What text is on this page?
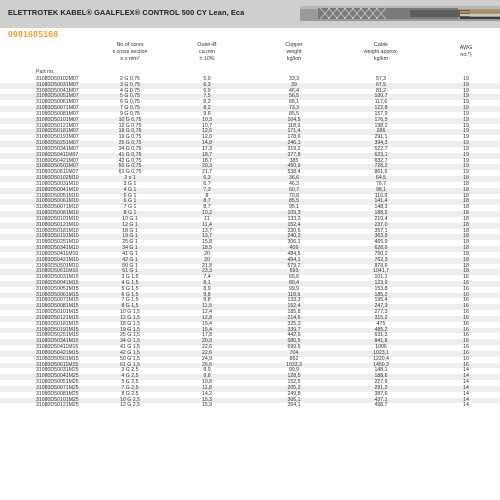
ELETTROTEK KABEL® GAALFLEX® CONTROL 500 CY Lean, Eca
0981685168
Part no.
No.of cores
x cross section
n x mm²
Outer-Ø
ca.mm
± 10%
Copper
weight
kg/km
Cable
weight approx.
kg/km
AWG
no.*)
31080D50102M07	2 G 0,75	5,9	33,3	57,3	19
31080D50031M07	3 G 0,75	6,3	39	67,5	19
31080D50041M07	4 G 0,75	6,9	46,4	81,2	19
31080D50051M07	5 G 0,75	7,5	56,5	100,7	19
31080D50061M07	6 G 0,75	8,2	66,1	117,6	19
31080D50071M07	7 G 0,75	8,2	73,3	122,8	19
31080D50081M07	9 G 0,75	9,6	85,5	157,9	19
31080D50101M07	10 G 0,75	10,3	104,5	176,5	19
31080D50121M07	12 G 0,75	10,7	118,9	198,2	19
31080D50181M07	18 G 0,75	12,6	171,4	286	19
31080D50191M07	19 G 0,75	12,6	178,6	291,1	19
31080D50251M07	25 G 0,75	14,8	246,1	394,3	19
31080D50341M07	34 G 0,75	17,3	319,2	522,7	19
31080D50411M07	41 G 0,75	18,7	377,8	623,1	19
31080D50421M07	42 G 0,75	18,7	385	632,7	19
31080D50501M07	50 G 0,75	20,3	450,9	728,2	19
31080D50611M07	61 G 0,75	21,7	538,4	861,6	19
31080D50102M10	2 x 1	6,3	36,6	64,5	18
31080D50031M10	3 G 1	6,7	46,3	76,7	18
31080D50041M10	4 G 1	7,3	60,7	98,1	18
31080D50051M10	5 G 1	8	70,8	116,9	18
31080D50061M10	6 G 1	8,7	85,5	141,4	18
31080D50071M10	7 G 1	8,7	95,1	148,3	18
31080D50081M10	8 G 1	10,2	109,3	188,5	18
31080D50101M10	10 G 1	11	133,2	210,4	18
31080D50121M10	12 G 1	11,4	152,4	237,0	18
31080D50181M10	18 G 1	13,7	230,6	357,1	18
31080D50191M10	19 G 1	13,7	240,2	363,9	18
31080D50251M10	25 G 1	15,8	306,1	465,9	18
31080D50341M10	34 G 1	18,5	409	628,6	18
31080D50411M10	41 G 1	20	484,5	750,2	18
31080D50421M10	42 G 1	20	494,1	762,3	18
31080D50501M10	50 G 1	21,8	579,2	878,6	18
31080D50611M10	61 G 1	23,3	693	1041,7	18
31080D50031M15	3 G 1,5	7,4	65,6	101,1	16
31080D50041M15	4 G 1,5	8,1	80,4	123,9	16
31080D50051M15	5 G 1,5	8,9	99,9	153,8	16
31080D50061M15	6 G 1,5	9,8	118,9	185,2	16
31080D50071M15	7 G 1,5	9,8	133,3	195,4	16
31080D50081M15	8 G 1,5	11,5	152,4	247,3	16
31080D50101M15	10 G 1,5	12,4	185,8	277,3	16
31080D50121M15	12 G 1,5	12,8	214,6	315,2	16
31080D50181M15	18 G 1,5	15,4	325,3	475	16
31080D50191M15	19 G 1,5	15,4	339,7	485,2	16
31080D50251M15	25 G 1,5	17,8	442,6	631,3	16
31080D50341M15	34 G 1,5	20,9	580,5	841,8	16
31080D50411M15	41 G 1,5	22,6	699,6	1006	16
31080D50421M15	42 G 1,5	22,6	704	1023,1	16
31080D50501M15	50 G 1,5	24,9	862	1220,4	16
31080D50611M15	61 G 1,5	26,6	1033,3	1450,3	16
31080D50031M25	3 G 2,5	8,9	99,9	148,1	14
31080D50041M25	4 G 2,5	9,8	128,5	188,6	14
31080D50051M25	5 G 2,5	10,8	152,5	227,6	14
31080D50071M25	7 G 2,5	11,8	205,2	291,2	14
31080D50081M25	8 G 2,5	14,2	249,8	387,6	14
31080D50101M25	10 G 2,5	15,3	306,1	437,1	14
31080D50121M25	12 G 2,5	15,9	354,1	498,7	14
